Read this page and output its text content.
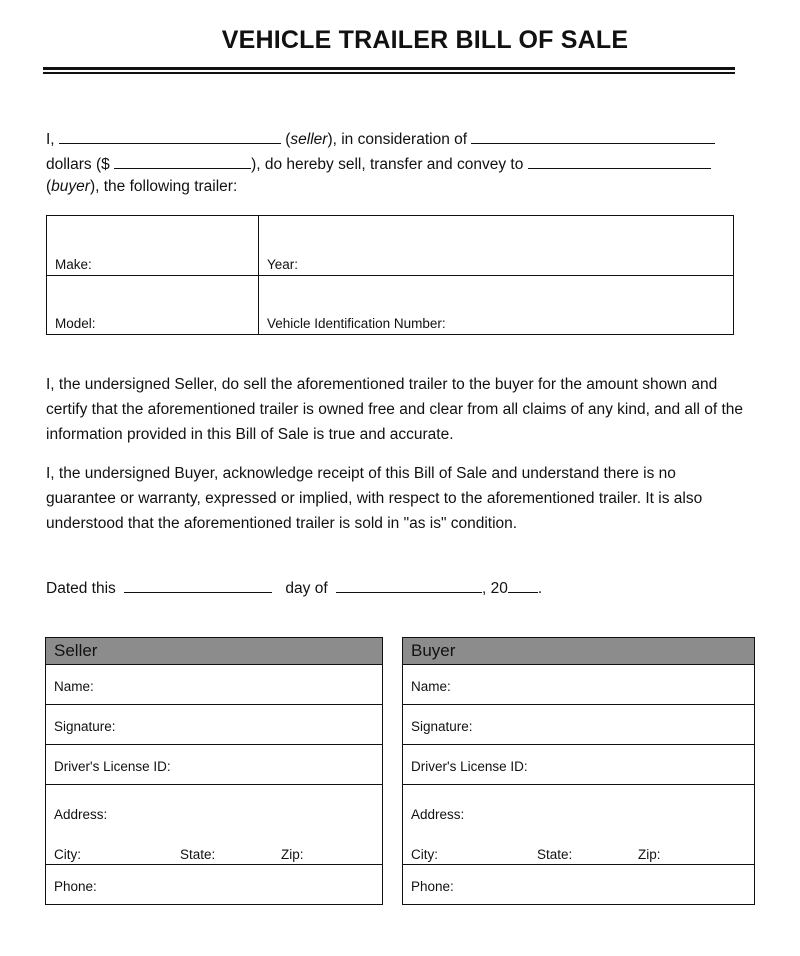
VEHICLE TRAILER BILL OF SALE
I,	(seller), in consideration of
dollars ($	), do hereby sell, transfer and convey to
(buyer), the following trailer:
Make:	Year:
Model:	Vehicle Identification Number:
I, the undersigned Seller, do sell the aforementioned trailer to the buyer for the amount shown and certify that the aforementioned trailer is owned free and clear from all claims of any kind, and all of the information provided in this Bill of Sale is true and accurate.
I, the undersigned Buyer, acknowledge receipt of this Bill of Sale and understand there is no guarantee or warranty, expressed or implied, with respect to the aforementioned trailer. It is also understood that the aforementioned trailer is sold in "as is" condition.
Dated this	day of	, 20 .
Seller
Name:
Signature:
Driver's License ID:
Address:
City:	State:	Zip:
Phone:
Buyer
Name:
Signature:
Driver's License ID:
Address:
City:	State:	Zip:
Phone:
